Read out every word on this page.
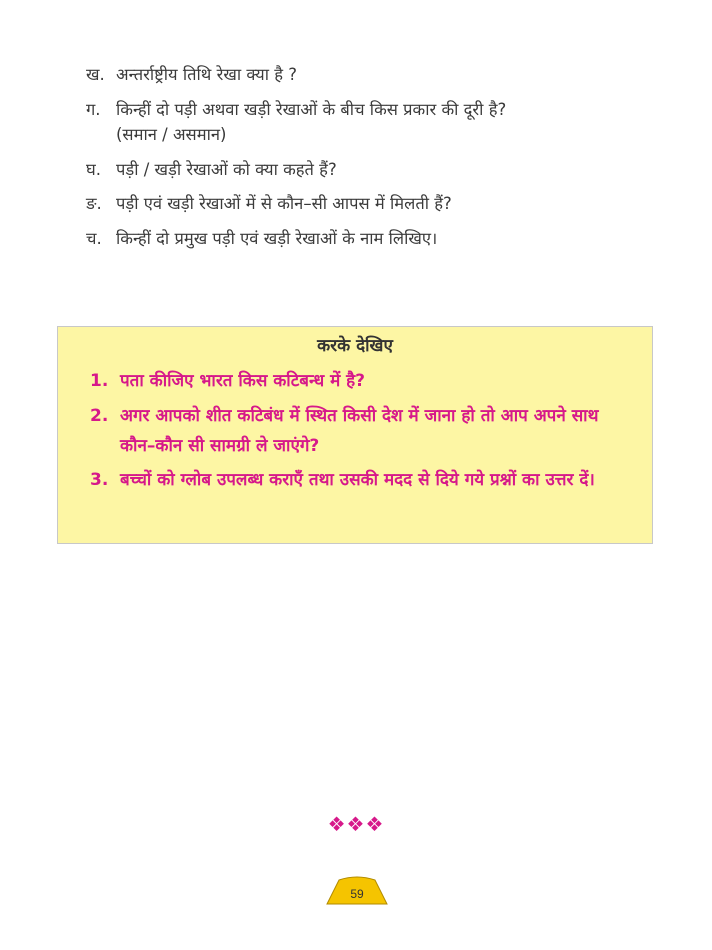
ख. अन्तर्राष्ट्रीय तिथि रेखा क्या है ?
ग. किन्हीं दो पड़ी अथवा खड़ी रेखाओं के बीच किस प्रकार की दूरी है?
(समान / असमान)
घ. पड़ी / खड़ी रेखाओं को क्या कहते हैं?
ङ. पड़ी एवं खड़ी रेखाओं में से कौन–सी आपस में मिलती हैं?
च. किन्हीं दो प्रमुख पड़ी एवं खड़ी रेखाओं के नाम लिखिए।
करके देखिए
1. पता कीजिए भारत किस कटिबन्ध में है?
2. अगर आपको शीत कटिबंध में स्थित किसी देश में जाना हो तो आप अपने साथ कौन–कौन सी सामग्री ले जाएंगे?
3. बच्चों को ग्लोब उपलब्ध कराएँ तथा उसकी मदद से दिये गये प्रश्नों का उत्तर दें।
❖❖❖
59
